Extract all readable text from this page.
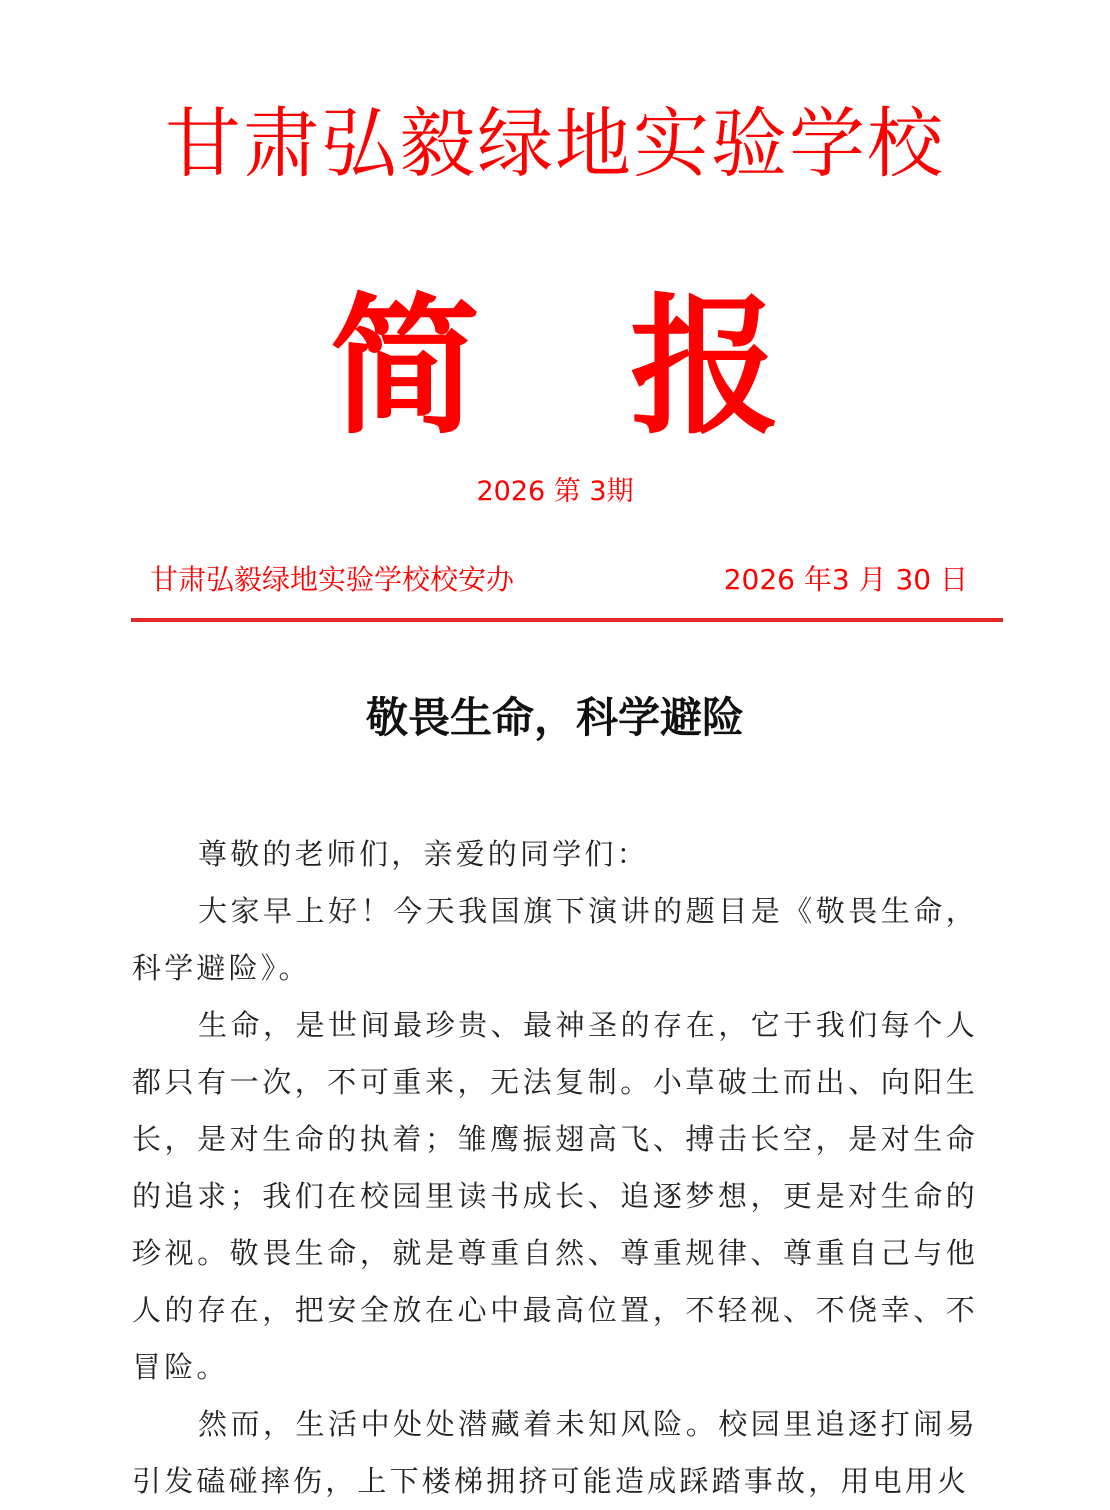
甘肃弘毅绿地实验学校
简 报
2026 第 3期
甘肃弘毅绿地实验学校校安办	2026 年3 月 30 日
敬畏生命，科学避险

尊敬的老师们，亲爱的同学们：

大家早上好！今天我国旗下演讲的题目是《敬畏生命，科学避险》。

生命，是世间最珍贵、最神圣的存在，它于我们每个人都只有一次，不可重来，无法复制。小草破土而出、向阳生长，是对生命的执着；雏鹰振翅高飞、搏击长空，是对生命的追求；我们在校园里读书成长、追逐梦想，更是对生命的珍视。敬畏生命，就是尊重自然、尊重规律、尊重自己与他人的存在，把安全放在心中最高位置，不轻视、不侥幸、不冒险。

然而，生活中处处潜藏着未知风险。校园里追逐打闹易引发磕碰摔伤，上下楼梯拥挤可能造成踩踏事故，用电用火
